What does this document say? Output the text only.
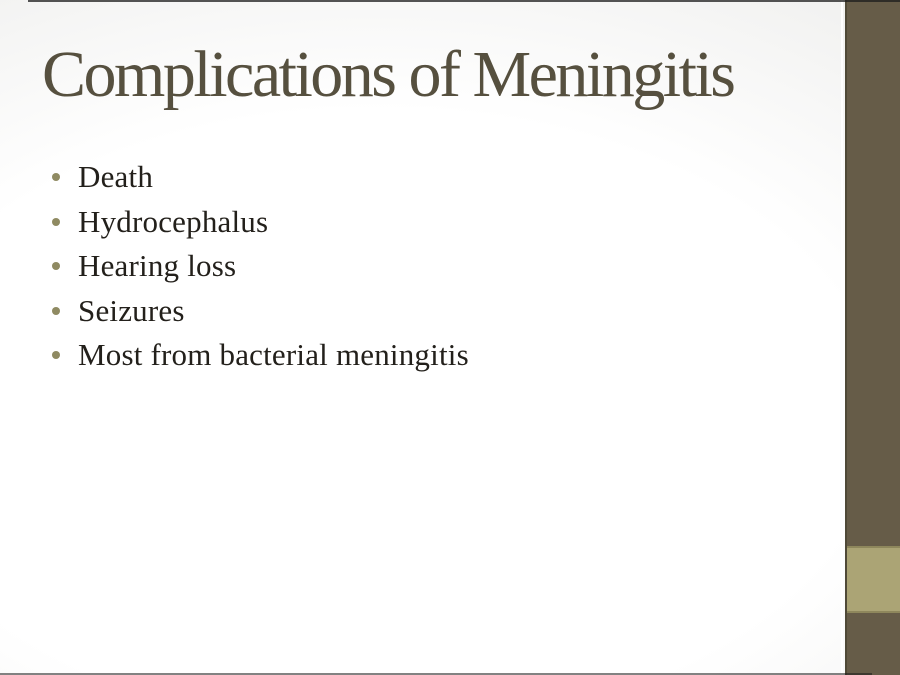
Complications of Meningitis
Death
Hydrocephalus
Hearing loss
Seizures
Most from bacterial meningitis
